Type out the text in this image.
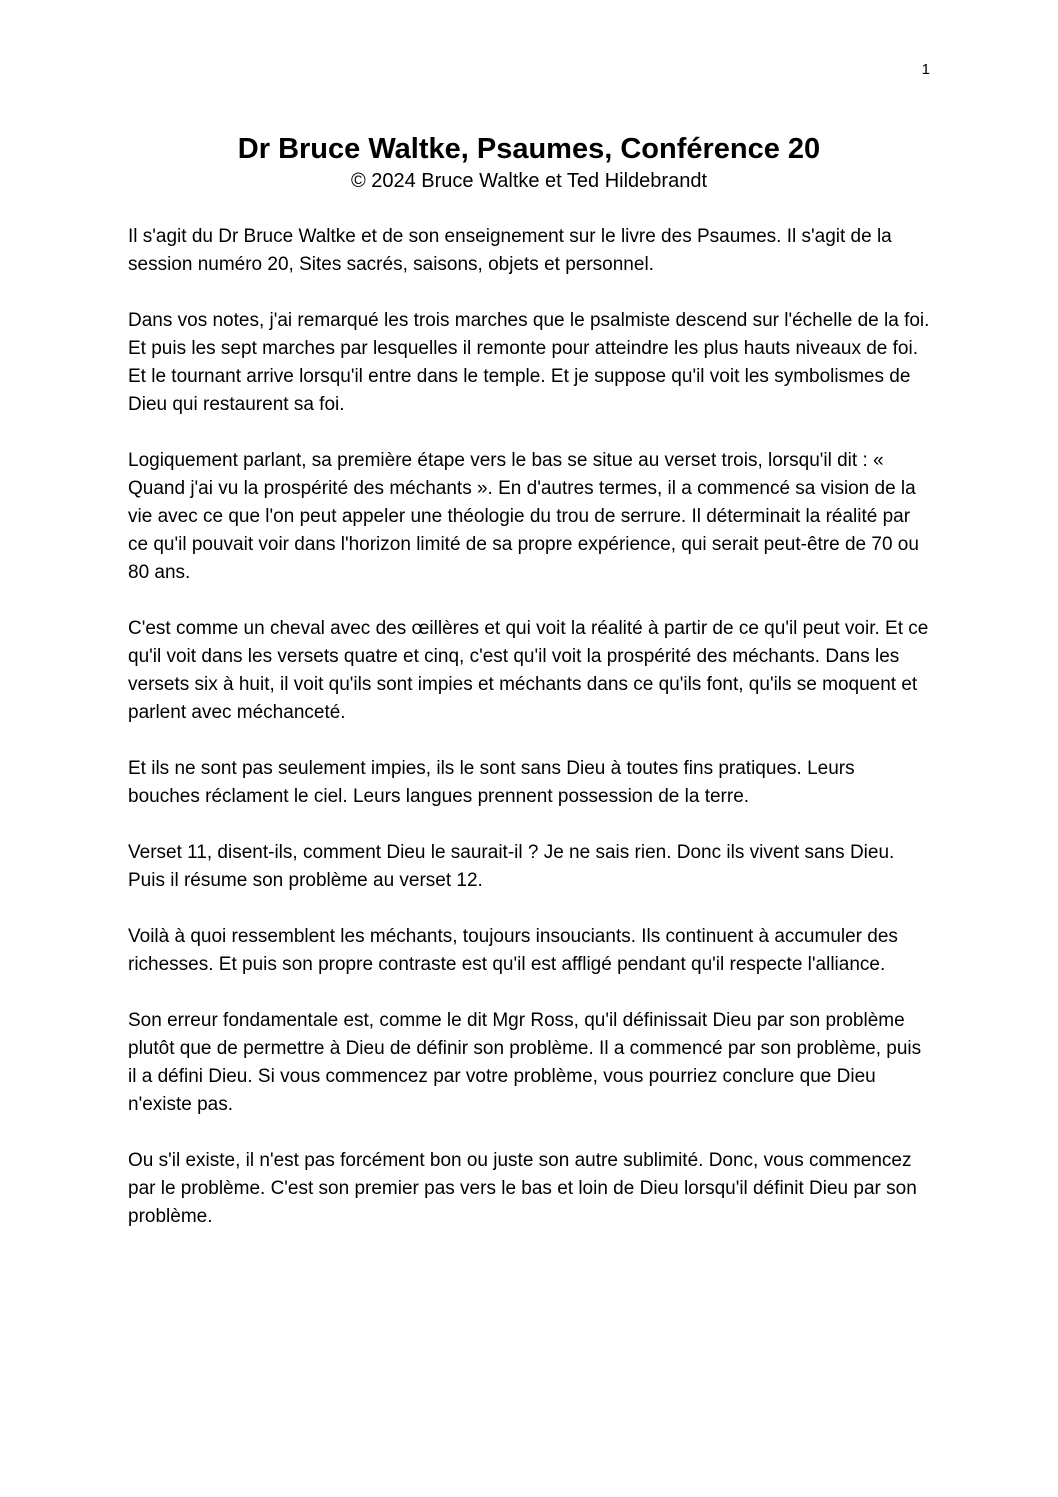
1
Dr Bruce Waltke, Psaumes, Conférence 20
© 2024 Bruce Waltke et Ted Hildebrandt

Il s'agit du Dr Bruce Waltke et de son enseignement sur le livre des Psaumes. Il s'agit de la session numéro 20, Sites sacrés, saisons, objets et personnel.

Dans vos notes, j'ai remarqué les trois marches que le psalmiste descend sur l'échelle de la foi. Et puis les sept marches par lesquelles il remonte pour atteindre les plus hauts niveaux de foi. Et le tournant arrive lorsqu'il entre dans le temple. Et je suppose qu'il voit les symbolismes de Dieu qui restaurent sa foi.

Logiquement parlant, sa première étape vers le bas se situe au verset trois, lorsqu'il dit : « Quand j'ai vu la prospérité des méchants ». En d'autres termes, il a commencé sa vision de la vie avec ce que l'on peut appeler une théologie du trou de serrure. Il déterminait la réalité par ce qu'il pouvait voir dans l'horizon limité de sa propre expérience, qui serait peut-être de 70 ou 80 ans.

C'est comme un cheval avec des œillères et qui voit la réalité à partir de ce qu'il peut voir. Et ce qu'il voit dans les versets quatre et cinq, c'est qu'il voit la prospérité des méchants. Dans les versets six à huit, il voit qu'ils sont impies et méchants dans ce qu'ils font, qu'ils se moquent et parlent avec méchanceté.

Et ils ne sont pas seulement impies, ils le sont sans Dieu à toutes fins pratiques. Leurs bouches réclament le ciel. Leurs langues prennent possession de la terre.

Verset 11, disent-ils, comment Dieu le saurait-il ? Je ne sais rien. Donc ils vivent sans Dieu. Puis il résume son problème au verset 12.

Voilà à quoi ressemblent les méchants, toujours insouciants. Ils continuent à accumuler des richesses. Et puis son propre contraste est qu'il est affligé pendant qu'il respecte l'alliance.

Son erreur fondamentale est, comme le dit Mgr Ross, qu'il définissait Dieu par son problème plutôt que de permettre à Dieu de définir son problème. Il a commencé par son problème, puis il a défini Dieu. Si vous commencez par votre problème, vous pourriez conclure que Dieu n'existe pas.

Ou s'il existe, il n'est pas forcément bon ou juste son autre sublimité. Donc, vous commencez par le problème. C'est son premier pas vers le bas et loin de Dieu lorsqu'il définit Dieu par son problème.
